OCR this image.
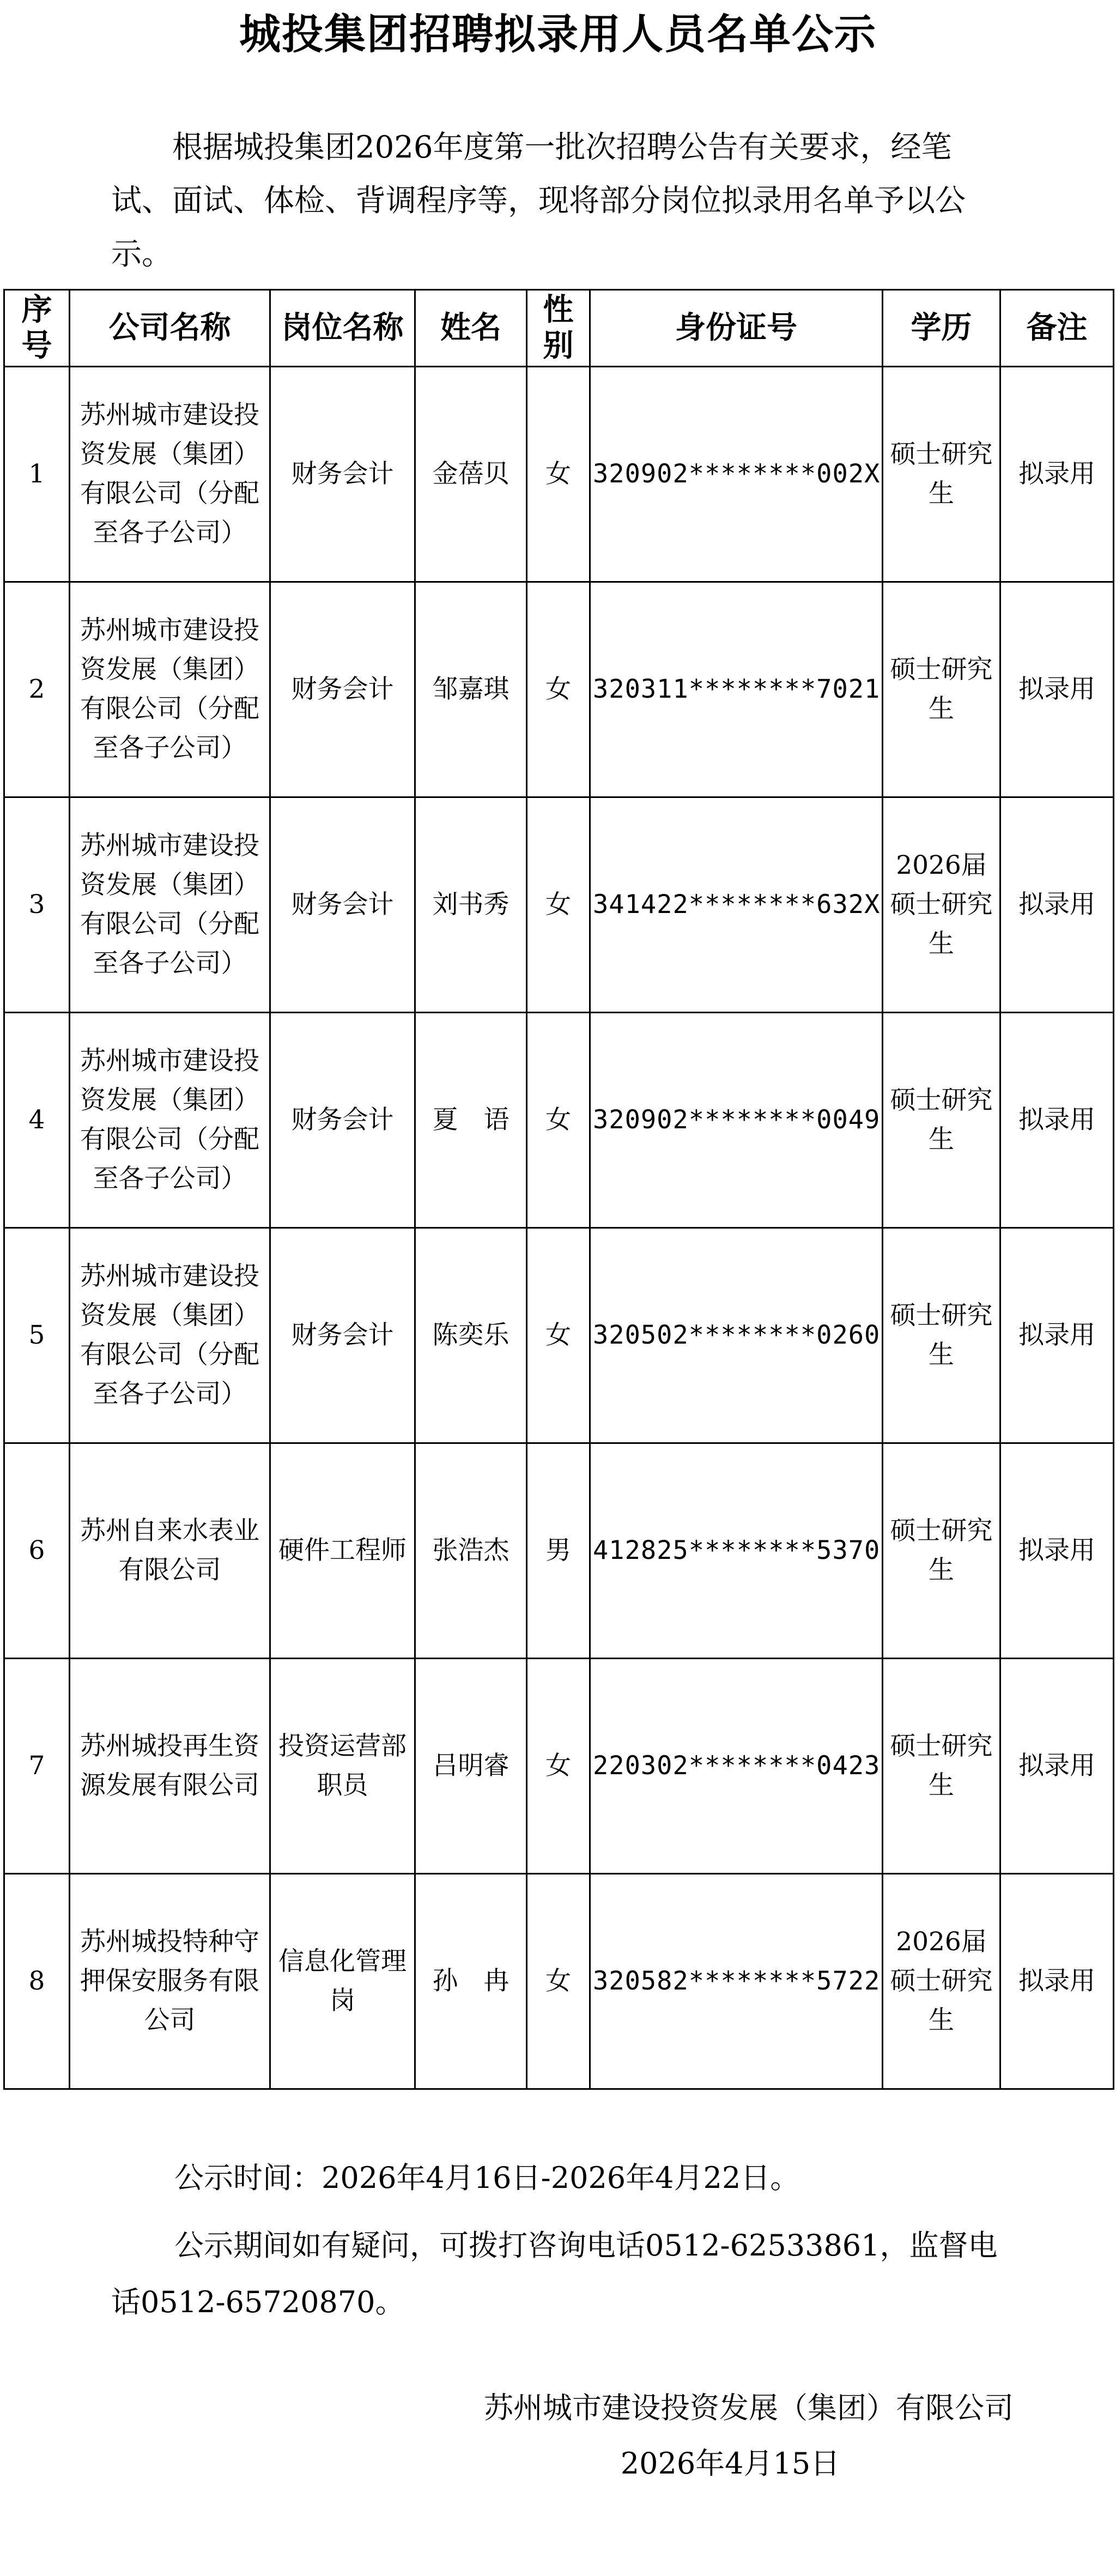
城投集团招聘拟录用人员名单公示
根据城投集团2026年度第一批次招聘公告有关要求，经笔试、面试、体检、背调程序等，现将部分岗位拟录用名单予以公示。
序号	公司名称	岗位名称	姓名	性别	身份证号	学历	备注
1	苏州城市建设投资发展（集团）有限公司（分配至各子公司）	财务会计	金蓓贝	女	320902********002X	硕士研究生	拟录用
2	苏州城市建设投资发展（集团）有限公司（分配至各子公司）	财务会计	邹嘉琪	女	320311********7021	硕士研究生	拟录用
3	苏州城市建设投资发展（集团）有限公司（分配至各子公司）	财务会计	刘书秀	女	341422********632X	2026届硕士研究生	拟录用
4	苏州城市建设投资发展（集团）有限公司（分配至各子公司）	财务会计	夏　语	女	320902********0049	硕士研究生	拟录用
5	苏州城市建设投资发展（集团）有限公司（分配至各子公司）	财务会计	陈奕乐	女	320502********0260	硕士研究生	拟录用
6	苏州自来水表业有限公司	硬件工程师	张浩杰	男	412825********5370	硕士研究生	拟录用
7	苏州城投再生资源发展有限公司	投资运营部职员	吕明睿	女	220302********0423	硕士研究生	拟录用
8	苏州城投特种守押保安服务有限公司	信息化管理岗	孙　冉	女	320582********5722	2026届硕士研究生	拟录用
公示时间：2026年4月16日-2026年4月22日。
公示期间如有疑问，可拨打咨询电话0512-62533861，监督电话0512-65720870。
苏州城市建设投资发展（集团）有限公司
2026年4月15日
